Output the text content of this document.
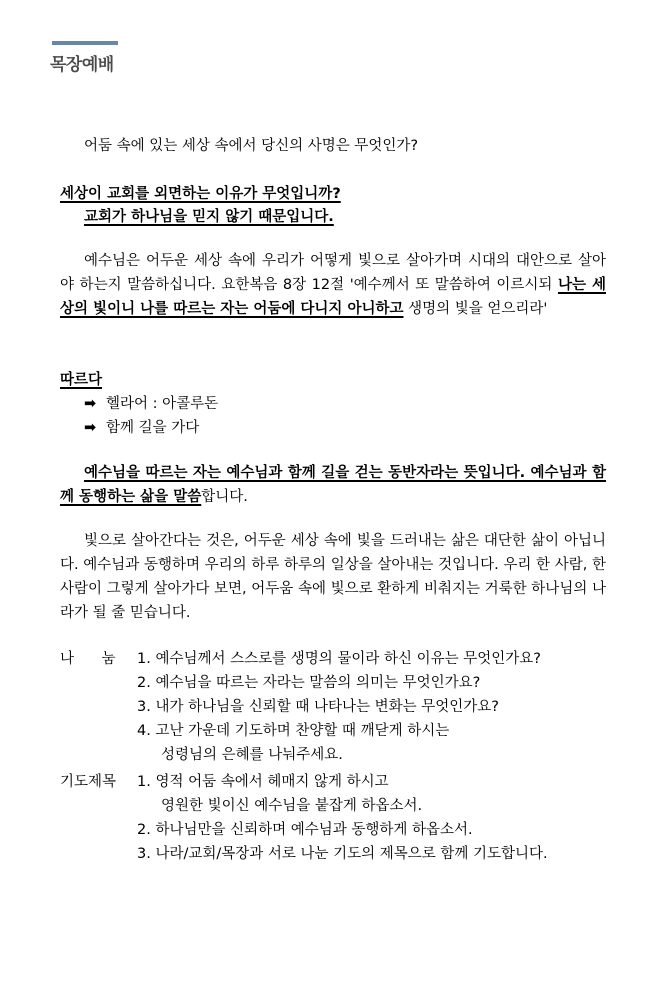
목장예배
어둠 속에 있는 세상 속에서 당신의 사명은 무엇인가?
세상이 교회를 외면하는 이유가 무엇입니까?
교회가 하나님을 믿지 않기 때문입니다.
예수님은 어두운 세상 속에 우리가 어떻게 빛으로 살아가며 시대의 대안으로 살아야 하는지 말씀하십니다. 요한복음 8장 12절 '예수께서 또 말씀하여 이르시되 나는 세상의 빛이니 나를 따르는 자는 어둠에 다니지 아니하고 생명의 빛을 얻으리라'
따르다
➡ 헬라어 : 아콜루돈
➡ 함께 길을 가다
예수님을 따르는 자는 예수님과 함께 길을 걷는 동반자라는 뜻입니다. 예수님과 함께 동행하는 삶을 말씀합니다.
빛으로 살아간다는 것은, 어두운 세상 속에 빛을 드러내는 삶은 대단한 삶이 아닙니다. 예수님과 동행하며 우리의 하루 하루의 일상을 살아내는 것입니다. 우리 한 사람, 한 사람이 그렇게 살아가다 보면, 어두움 속에 빛으로 환하게 비춰지는 거룩한 하나님의 나라가 될 줄 믿습니다.
나      눔 1. 예수님께서 스스로를 생명의 물이라 하신 이유는 무엇인가요?
2. 예수님을 따르는 자라는 말씀의 의미는 무엇인가요?
3. 내가 하나님을 신뢰할 때 나타나는 변화는 무엇인가요?
4. 고난 가운데 기도하며 찬양할 때 깨닫게 하시는
성령님의 은혜를 나눠주세요.
기도제목 1. 영적 어둠 속에서 헤매지 않게 하시고
영원한 빛이신 예수님을 붙잡게 하옵소서.
2. 하나님만을 신뢰하며 예수님과 동행하게 하옵소서.
3. 나라/교회/목장과 서로 나눈 기도의 제목으로 함께 기도합니다.
